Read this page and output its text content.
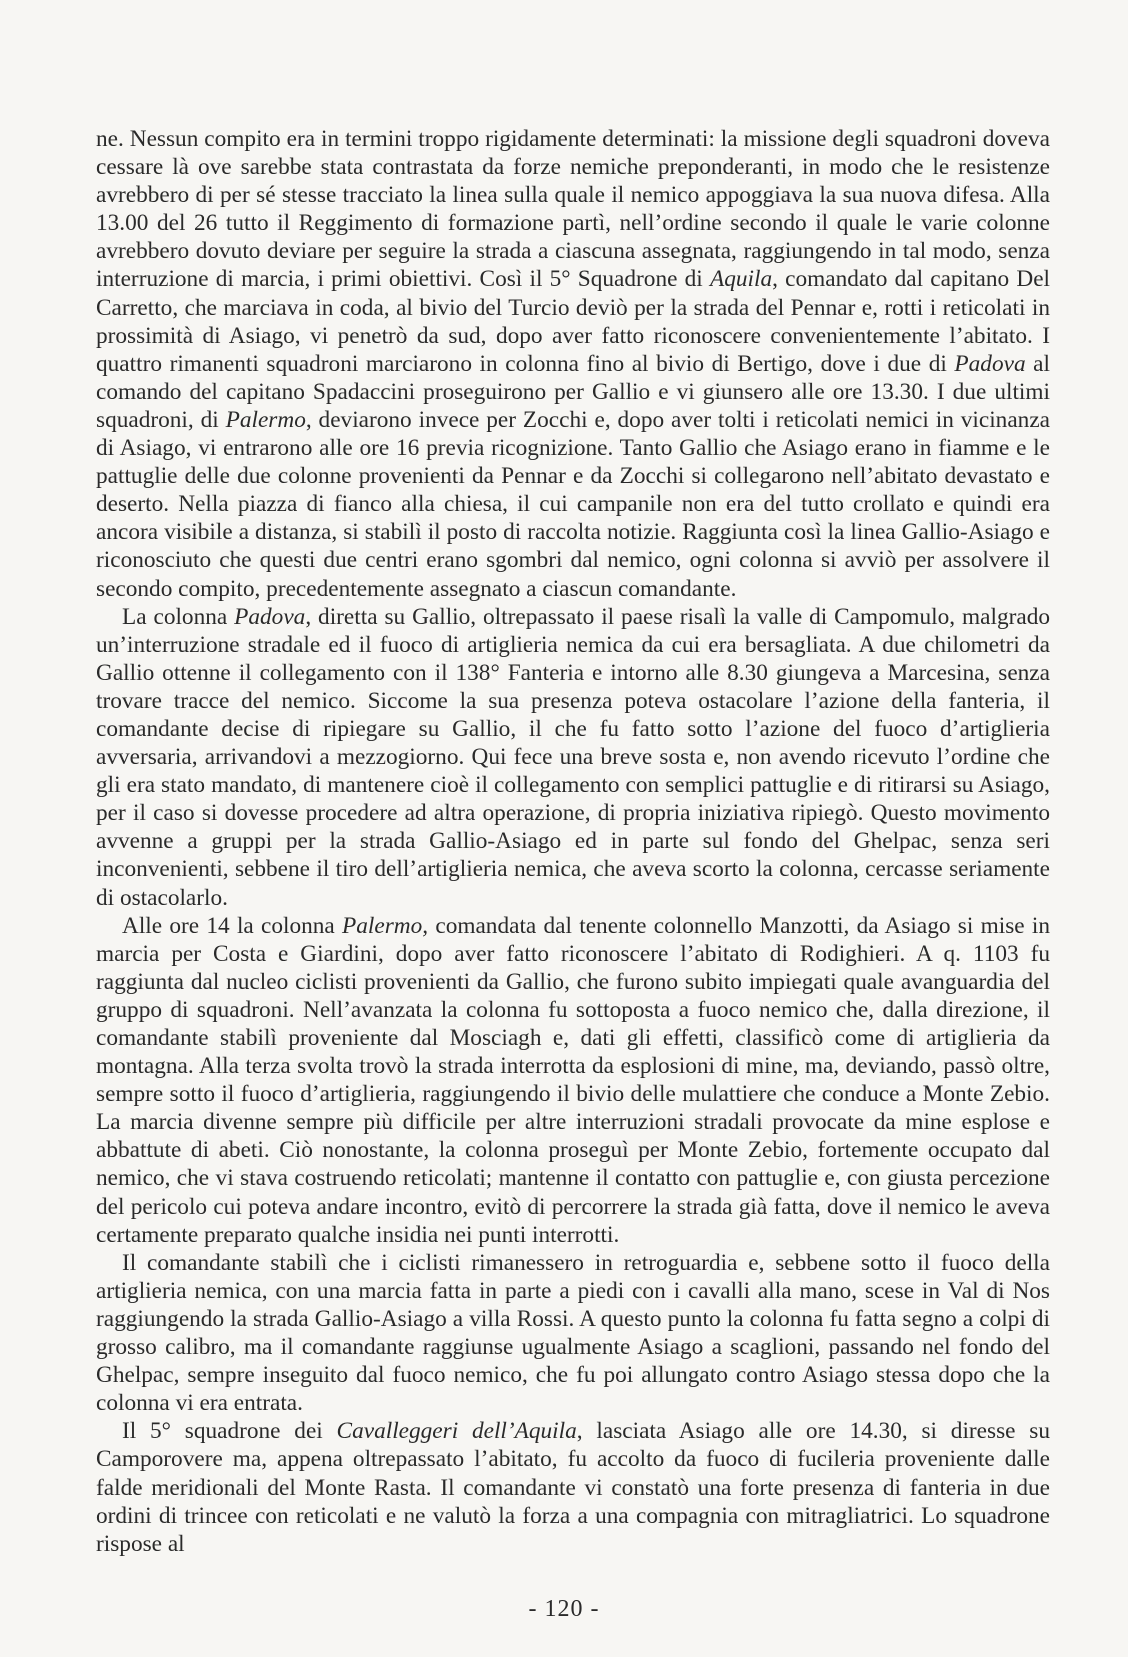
ne. Nessun compito era in termini troppo rigidamente determinati: la missione degli squadroni doveva cessare là ove sarebbe stata contrastata da forze nemiche preponderanti, in modo che le resistenze avrebbero di per sé stesse tracciato la linea sulla quale il nemico appoggiava la sua nuova difesa. Alla 13.00 del 26 tutto il Reggimento di formazione partì, nell’ordine secondo il quale le varie colonne avrebbero dovuto deviare per seguire la strada a ciascuna assegnata, raggiungendo in tal modo, senza interruzione di marcia, i primi obiettivi. Così il 5° Squadrone di Aquila, comandato dal capitano Del Carretto, che marciava in coda, al bivio del Turcio deviò per la strada del Pennar e, rotti i reticolati in prossimità di Asiago, vi penetrò da sud, dopo aver fatto riconoscere convenientemente l’abitato. I quattro rimanenti squadroni marciarono in colonna fino al bivio di Bertigo, dove i due di Padova al comando del capitano Spadaccini proseguirono per Gallio e vi giunsero alle ore 13.30. I due ultimi squadroni, di Palermo, deviarono invece per Zocchi e, dopo aver tolti i reticolati nemici in vicinanza di Asiago, vi entrarono alle ore 16 previa ricognizione. Tanto Gallio che Asiago erano in fiamme e le pattuglie delle due colonne provenienti da Pennar e da Zocchi si collegarono nell’abitato devastato e deserto. Nella piazza di fianco alla chiesa, il cui campanile non era del tutto crollato e quindi era ancora visibile a distanza, si stabilì il posto di raccolta notizie. Raggiunta così la linea Gallio-Asiago e riconosciuto che questi due centri erano sgombri dal nemico, ogni colonna si avviò per assolvere il secondo compito, precedentemente assegnato a ciascun comandante.

La colonna Padova, diretta su Gallio, oltrepassato il paese risalì la valle di Campomulo, malgrado un’interruzione stradale ed il fuoco di artiglieria nemica da cui era bersagliata. A due chilometri da Gallio ottenne il collegamento con il 138° Fanteria e intorno alle 8.30 giungeva a Marcesina, senza trovare tracce del nemico. Siccome la sua presenza poteva ostacolare l’azione della fanteria, il comandante decise di ripiegare su Gallio, il che fu fatto sotto l’azione del fuoco d’artiglieria avversaria, arrivandovi a mezzogiorno. Qui fece una breve sosta e, non avendo ricevuto l’ordine che gli era stato mandato, di mantenere cioè il collegamento con semplici pattuglie e di ritirarsi su Asiago, per il caso si dovesse procedere ad altra operazione, di propria iniziativa ripiegò. Questo movimento avvenne a gruppi per la strada Gallio-Asiago ed in parte sul fondo del Ghelpac, senza seri inconvenienti, sebbene il tiro dell’artiglieria nemica, che aveva scorto la colonna, cercasse seriamente di ostacolarlo.

Alle ore 14 la colonna Palermo, comandata dal tenente colonnello Manzotti, da Asiago si mise in marcia per Costa e Giardini, dopo aver fatto riconoscere l’abitato di Rodighieri. A q. 1103 fu raggiunta dal nucleo ciclisti provenienti da Gallio, che furono subito impiegati quale avanguardia del gruppo di squadroni. Nell’avanzata la colonna fu sottoposta a fuoco nemico che, dalla direzione, il comandante stabilì proveniente dal Mosciagh e, dati gli effetti, classificò come di artiglieria da montagna. Alla terza svolta trovò la strada interrotta da esplosioni di mine, ma, deviando, passò oltre, sempre sotto il fuoco d’artiglieria, raggiungendo il bivio delle mulattiere che conduce a Monte Zebio. La marcia divenne sempre più difficile per altre interruzioni stradali provocate da mine esplose e abbattute di abeti. Ciò nonostante, la colonna proseguì per Monte Zebio, fortemente occupato dal nemico, che vi stava costruendo reticolati; mantenne il contatto con pattuglie e, con giusta percezione del pericolo cui poteva andare incontro, evitò di percorrere la strada già fatta, dove il nemico le aveva certamente preparato qualche insidia nei punti interrotti.

Il comandante stabilì che i ciclisti rimanessero in retroguardia e, sebbene sotto il fuoco della artiglieria nemica, con una marcia fatta in parte a piedi con i cavalli alla mano, scese in Val di Nos raggiungendo la strada Gallio-Asiago a villa Rossi. A questo punto la colonna fu fatta segno a colpi di grosso calibro, ma il comandante raggiunse ugualmente Asiago a scaglioni, passando nel fondo del Ghelpac, sempre inseguito dal fuoco nemico, che fu poi allungato contro Asiago stessa dopo che la colonna vi era entrata.

Il 5° squadrone dei Cavalleggeri dell’Aquila, lasciata Asiago alle ore 14.30, si diresse su Camporovere ma, appena oltrepassato l’abitato, fu accolto da fuoco di fucileria proveniente dalle falde meridionali del Monte Rasta. Il comandante vi constatò una forte presenza di fanteria in due ordini di trincee con reticolati e ne valutò la forza a una compagnia con mitragliatrici. Lo squadrone rispose al

- 120 -
